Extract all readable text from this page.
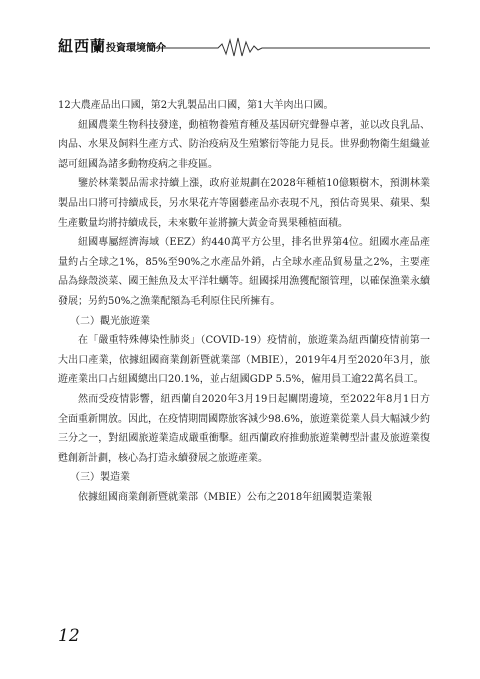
紐西蘭投資環境簡介

12大農產品出口國，第2大乳製品出口國，第1大羊肉出口國。

紐國農業生物科技發達，動植物養殖育種及基因研究聲譽卓著，並以改良乳品、肉品、水果及飼料生產方式、防治疫病及生殖繁衍等能力見長。世界動物衛生組織並認可紐國為諸多動物疫病之非疫區。

鑒於林業製品需求持續上漲，政府並規劃在2028年種植10億顆樹木，預測林業製品出口將可持續成長，另水果花卉等園藝產品亦表現不凡，預估奇異果、蘋果、梨生產數量均將持續成長，未來數年並將擴大黃金奇異果種植面積。

紐國專屬經濟海域（EEZ）約440萬平方公里，排名世界第4位。紐國水產品產量約占全球之1%，85%至90%之水產品外銷，占全球水產品貿易量之2%，主要產品為綠殼淡菜、國王鮭魚及太平洋牡蠣等。紐國採用漁獲配額管理，以確保漁業永續發展；另約50%之漁業配額為毛利原住民所擁有。

（二）觀光旅遊業

在「嚴重特殊傳染性肺炎」（COVID-19）疫情前，旅遊業為紐西蘭疫情前第一大出口產業，依據紐國商業創新暨就業部（MBIE），2019年4月至2020年3月，旅遊產業出口占紐國總出口20.1%，並占紐國GDP 5.5%，僱用員工逾22萬名員工。

然而受疫情影響，紐西蘭自2020年3月19日起關閉邊境，至2022年8月1日方全面重新開放。因此，在疫情期間國際旅客減少98.6%，旅遊業從業人員大幅減少約三分之一，對紐國旅遊業造成嚴重衝擊。紐西蘭政府推動旅遊業轉型計畫及旅遊業復甦創新計劃，核心為打造永續發展之旅遊產業。

（三）製造業

依據紐國商業創新暨就業部（MBIE）公布之2018年紐國製造業報

12
